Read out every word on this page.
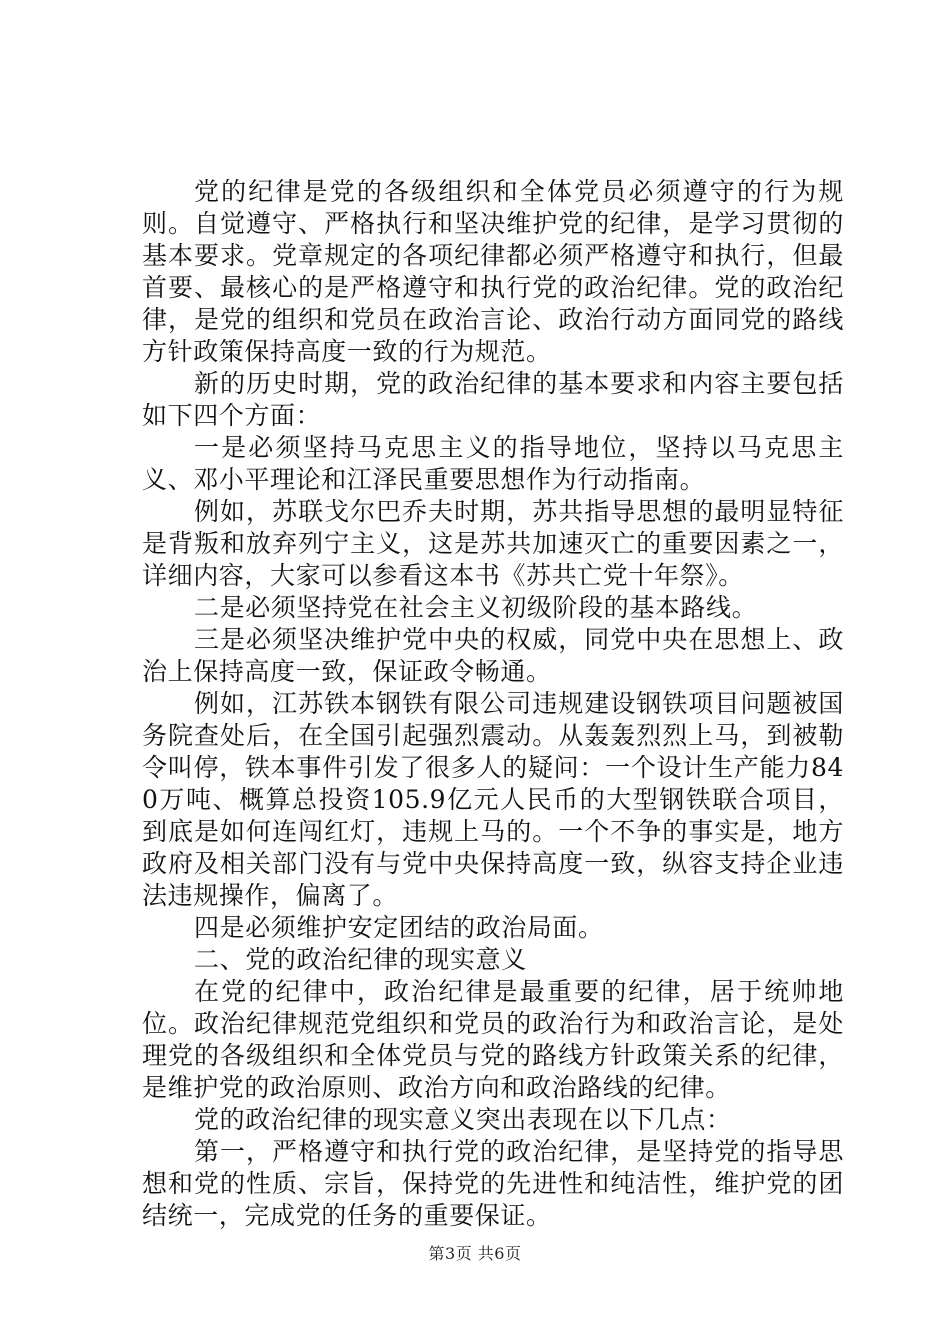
党的纪律是党的各级组织和全体党员必须遵守的行为规则。自觉遵守、严格执行和坚决维护党的纪律，是学习贯彻的基本要求。党章规定的各项纪律都必须严格遵守和执行，但最首要、最核心的是严格遵守和执行党的政治纪律。党的政治纪律，是党的组织和党员在政治言论、政治行动方面同党的路线方针政策保持高度一致的行为规范。

新的历史时期，党的政治纪律的基本要求和内容主要包括如下四个方面：

一是必须坚持马克思主义的指导地位，坚持以马克思主义、邓小平理论和江泽民重要思想作为行动指南。

例如，苏联戈尔巴乔夫时期，苏共指导思想的最明显特征是背叛和放弃列宁主义，这是苏共加速灭亡的重要因素之一，详细内容，大家可以参看这本书《苏共亡党十年祭》。

二是必须坚持党在社会主义初级阶段的基本路线。

三是必须坚决维护党中央的权威，同党中央在思想上、政治上保持高度一致，保证政令畅通。

例如，江苏铁本钢铁有限公司违规建设钢铁项目问题被国务院查处后，在全国引起强烈震动。从轰轰烈烈上马，到被勒令叫停，铁本事件引发了很多人的疑问：一个设计生产能力840万吨、概算总投资105.9亿元人民币的大型钢铁联合项目，到底是如何连闯红灯，违规上马的。一个不争的事实是，地方政府及相关部门没有与党中央保持高度一致，纵容支持企业违法违规操作，偏离了。

四是必须维护安定团结的政治局面。

二、党的政治纪律的现实意义

在党的纪律中，政治纪律是最重要的纪律，居于统帅地位。政治纪律规范党组织和党员的政治行为和政治言论，是处理党的各级组织和全体党员与党的路线方针政策关系的纪律，是维护党的政治原则、政治方向和政治路线的纪律。

党的政治纪律的现实意义突出表现在以下几点：

第一，严格遵守和执行党的政治纪律，是坚持党的指导思想和党的性质、宗旨，保持党的先进性和纯洁性，维护党的团结统一，完成党的任务的重要保证。

第3页 共6页
